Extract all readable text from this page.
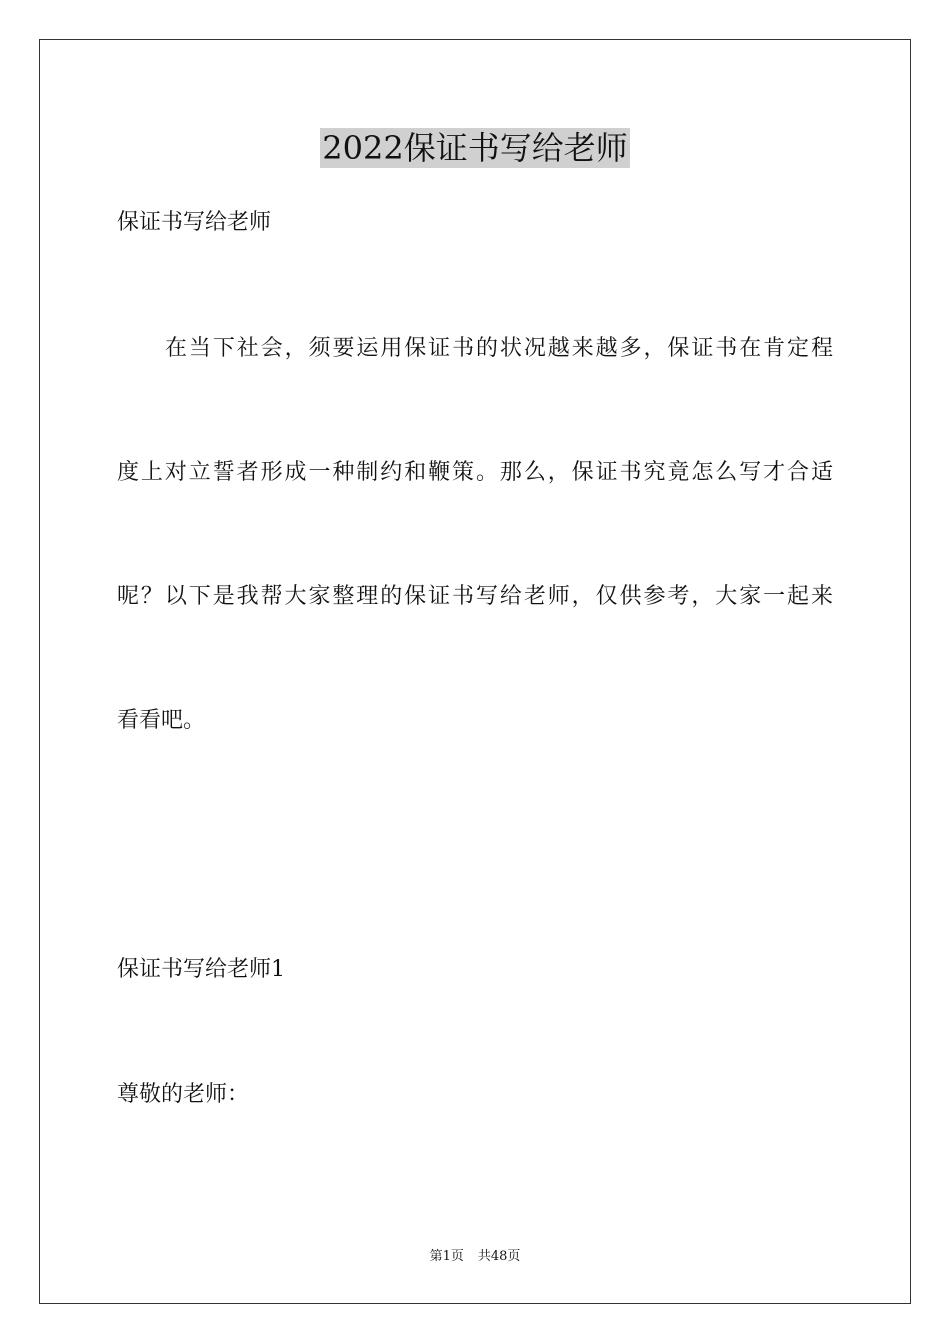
2022保证书写给老师

保证书写给老师

在当下社会，须要运用保证书的状况越来越多，保证书在肯定程

度上对立誓者形成一种制约和鞭策。那么，保证书究竟怎么写才合适

呢？以下是我帮大家整理的保证书写给老师，仅供参考，大家一起来

看看吧。

保证书写给老师1

尊敬的老师：

第1页 共48页
